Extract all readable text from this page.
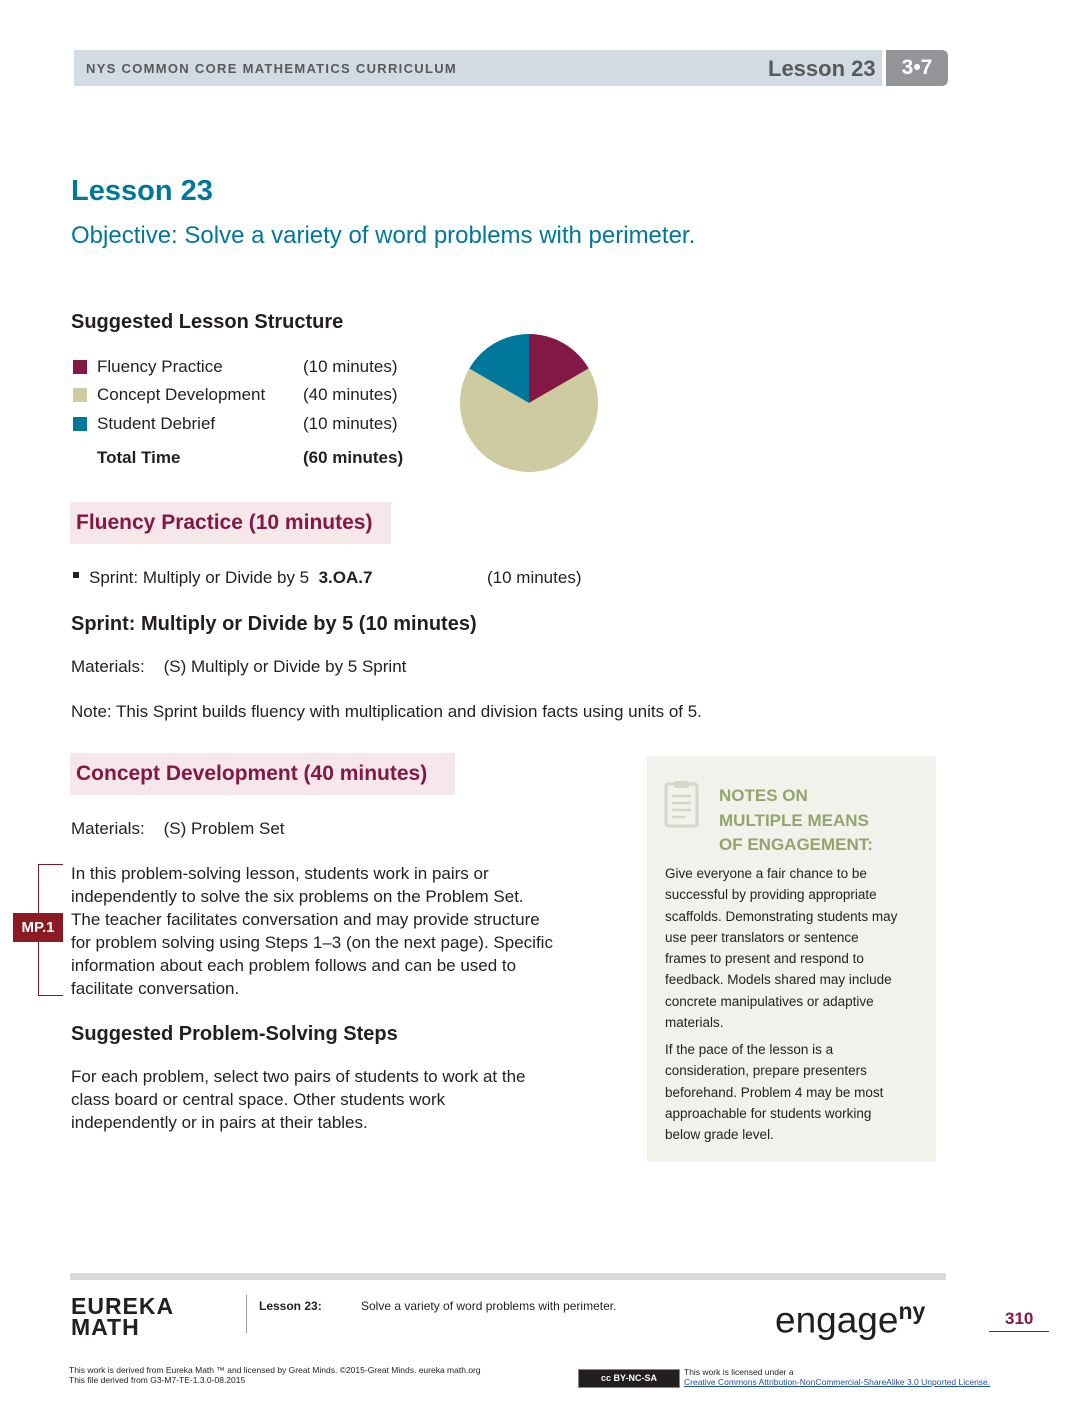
NYS COMMON CORE MATHEMATICS CURRICULUM	Lesson 23	3•7
Lesson 23
Objective: Solve a variety of word problems with perimeter.
Suggested Lesson Structure
Fluency Practice	(10 minutes)
Concept Development (40 minutes)
Student Debrief	(10 minutes)
Total Time	(60 minutes)
Fluency Practice (10 minutes)
Sprint: Multiply or Divide by 5 3.OA.7	(10 minutes)
Sprint: Multiply or Divide by 5 (10 minutes)
Materials:    (S) Multiply or Divide by 5 Sprint
Note: This Sprint builds fluency with multiplication and division facts using units of 5.
Concept Development (40 minutes)
Materials:    (S) Problem Set
MP.1
In this problem-solving lesson, students work in pairs or
independently to solve the six problems on the Problem Set.
The teacher facilitates conversation and may provide structure
for problem solving using Steps 1–3 (on the next page). Specific
information about each problem follows and can be used to
facilitate conversation.
Suggested Problem-Solving Steps
For each problem, select two pairs of students to work at the
class board or central space. Other students work
independently or in pairs at their tables.
NOTES ON
MULTIPLE MEANS
OF ENGAGEMENT:
Give everyone a fair chance to be
successful by providing appropriate
scaffolds. Demonstrating students may
use peer translators or sentence
frames to present and respond to
feedback. Models shared may include
concrete manipulatives or adaptive
materials.
If the pace of the lesson is a
consideration, prepare presenters
beforehand. Problem 4 may be most
approachable for students working
below grade level.
EUREKA
MATH
Lesson 23:	Solve a variety of word problems with perimeter.	engage$^{ny}$	310
This work is derived from Eureka Math ™ and licensed by Great Minds. ©2015-Great Minds. eureka math.org
This file derived from G3-M7-TE-1.3.0-08.2015	cc BY-NC-SA
This work is licensed under a
Creative Commons Attribution-NonCommercial-ShareAlike 3.0 Unported License.
